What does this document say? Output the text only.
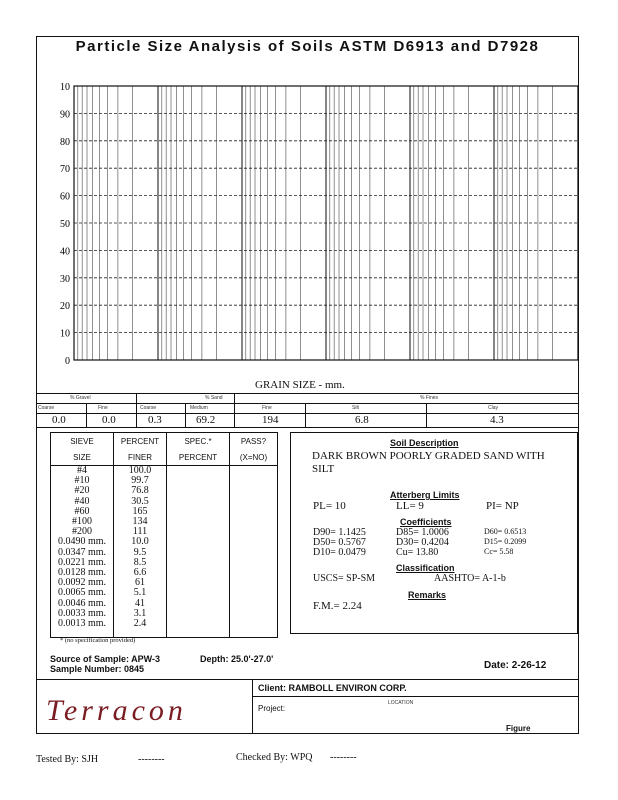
Particle Size Analysis of Soils ASTM D6913 and D7928
10
90
80
70
60
50
40
30
20
10
0
GRAIN SIZE - mm.
% Gravel	% Sand	% Fines
Coarse	Fine	Coarse	Medium	Fine	Silt	Clay
0.0	0.0	0.3	69.2	194	6.8	4.3
SIEVE	PERCENT	SPEC.*	PASS?
SIZE	FINER	PERCENT	(X=NO)
#4	100.0		
#10	99.7		
#20	76.8		
#40	30.5		
#60	165		
#100	134		
#200	111		
0.0490 mm.	10.0		
0.0347 mm.	9.5		
0.0221 mm.	8.5		
0.0128 mm.	6.6		
0.0092 mm.	61		
0.0065 mm.	5.1		
0.0046 mm.	41		
0.0033 mm.	3.1		
0.0013 mm.	2.4		

* (no specification provided)
Soil Description
DARK BROWN POORLY GRADED SAND WITH SILT
Atterberg Limits
PL= 10	LL= 9	PI= NP
Coefficients
D90= 1.1425	D85= 1.0006	D60= 0.6513
D50= 0.5767	D30= 0.4204	D15= 0.2099
D10= 0.0479	Cu= 13.80	Cc= 5.58
Classification
USCS= SP-SM	AASHTO= A-1-b
Remarks
F.M.= 2.24
Source of Sample: APW-3	Depth: 25.0'-27.0'
Sample Number: 0845	Date: 2-26-12
Terracon
Client: RAMBOLL ENVIRON CORP.
Project:
LOCATION
Figure
Tested By: SJH	--------	Checked By: WPQ --------
